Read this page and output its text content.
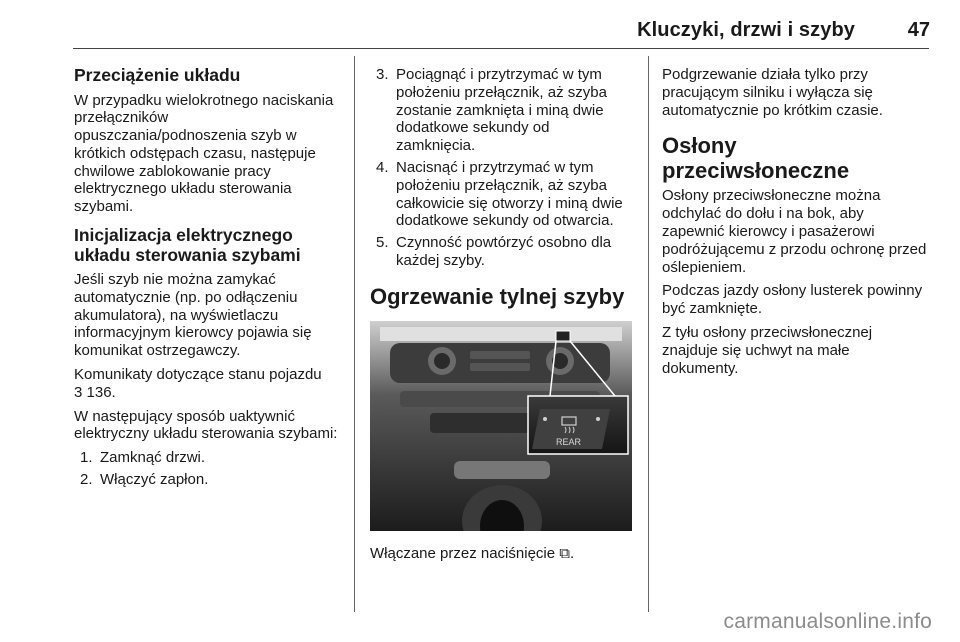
Kluczyki, drzwi i szyby	47
Przeciążenie układu

W przypadku wielokrotnego naciskania przełączników opuszczania/podnoszenia szyb w krótkich odstępach czasu, następuje chwilowe zablokowanie pracy elektrycznego układu sterowania szybami.

Inicjalizacja elektrycznego układu sterowania szybami

Jeśli szyb nie można zamykać automatycznie (np. po odłączeniu akumulatora), na wyświetlaczu informacyjnym kierowcy pojawia się komunikat ostrzegawczy.

Komunikaty dotyczące stanu pojazdu
3 136.

W następujący sposób uaktywnić elektryczny układu sterowania szybami:

1. Zamknąć drzwi.
2. Włączyć zapłon.
3. Pociągnąć i przytrzymać w tym położeniu przełącznik, aż szyba zostanie zamknięta i miną dwie dodatkowe sekundy od zamknięcia.
4. Nacisnąć i przytrzymać w tym położeniu przełącznik, aż szyba całkowicie się otworzy i miną dwie dodatkowe sekundy od otwarcia.
5. Czynność powtórzyć osobno dla każdej szyby.
Ogrzewanie tylnej szyby
REAR

Włączane przez naciśnięcie ⧉.

Podgrzewanie działa tylko przy pracującym silniku i wyłącza się automatycznie po krótkim czasie.

Osłony przeciwsłoneczne

Osłony przeciwsłoneczne można odchylać do dołu i na bok, aby zapewnić kierowcy i pasażerowi podróżującemu z przodu ochronę przed oślepieniem.

Podczas jazdy osłony lusterek powinny być zamknięte.

Z tyłu osłony przeciwsłonecznej znajduje się uchwyt na małe dokumenty.

carmanualsonline.info
